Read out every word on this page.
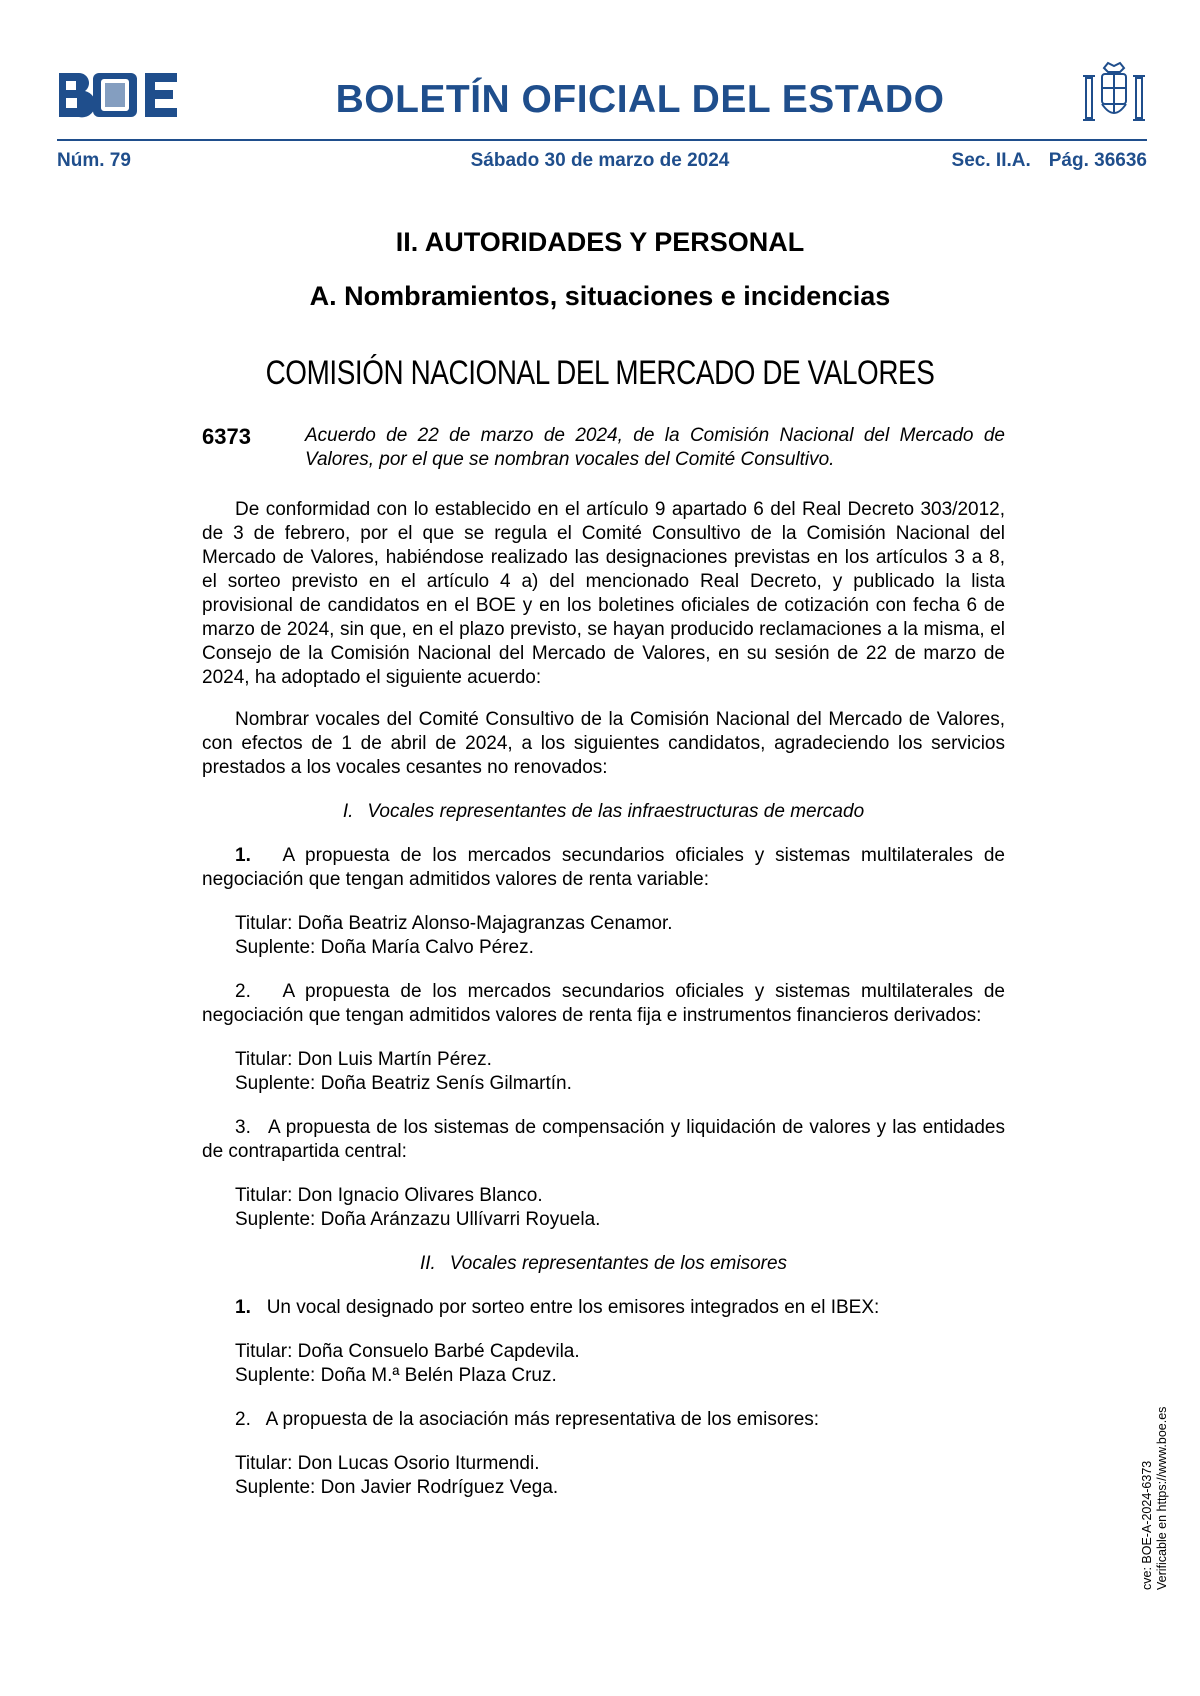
BOLETÍN OFICIAL DEL ESTADO
Núm. 79	Sábado 30 de marzo de 2024	Sec. II.A. Pág. 36636
II. AUTORIDADES Y PERSONAL
A. Nombramientos, situaciones e incidencias
COMISIÓN NACIONAL DEL MERCADO DE VALORES
6373	Acuerdo de 22 de marzo de 2024, de la Comisión Nacional del Mercado de Valores, por el que se nombran vocales del Comité Consultivo.

De conformidad con lo establecido en el artículo 9 apartado 6 del Real Decreto 303/2012, de 3 de febrero, por el que se regula el Comité Consultivo de la Comisión Nacional del Mercado de Valores, habiéndose realizado las designaciones previstas en los artículos 3 a 8, el sorteo previsto en el artículo 4 a) del mencionado Real Decreto, y publicado la lista provisional de candidatos en el BOE y en los boletines oficiales de cotización con fecha 6 de marzo de 2024, sin que, en el plazo previsto, se hayan producido reclamaciones a la misma, el Consejo de la Comisión Nacional del Mercado de Valores, en su sesión de 22 de marzo de 2024, ha adoptado el siguiente acuerdo:

Nombrar vocales del Comité Consultivo de la Comisión Nacional del Mercado de Valores, con efectos de 1 de abril de 2024, a los siguientes candidatos, agradeciendo los servicios prestados a los vocales cesantes no renovados:

I. Vocales representantes de las infraestructuras de mercado

1. A propuesta de los mercados secundarios oficiales y sistemas multilaterales de negociación que tengan admitidos valores de renta variable:

Titular: Doña Beatriz Alonso-Majagranzas Cenamor.

Suplente: Doña María Calvo Pérez.

2. A propuesta de los mercados secundarios oficiales y sistemas multilaterales de negociación que tengan admitidos valores de renta fija e instrumentos financieros derivados:

Titular: Don Luis Martín Pérez.

Suplente: Doña Beatriz Senís Gilmartín.

3. A propuesta de los sistemas de compensación y liquidación de valores y las entidades de contrapartida central:

Titular: Don Ignacio Olivares Blanco.

Suplente: Doña Aránzazu Ullívarri Royuela.

II. Vocales representantes de los emisores

1. Un vocal designado por sorteo entre los emisores integrados en el IBEX:

Titular: Doña Consuelo Barbé Capdevila.

Suplente: Doña M.ª Belén Plaza Cruz.

2. A propuesta de la asociación más representativa de los emisores:

Titular: Don Lucas Osorio Iturmendi.

Suplente: Don Javier Rodríguez Vega.	cve: BOE-A-2024-6373
Verificable en https://www.boe.es
